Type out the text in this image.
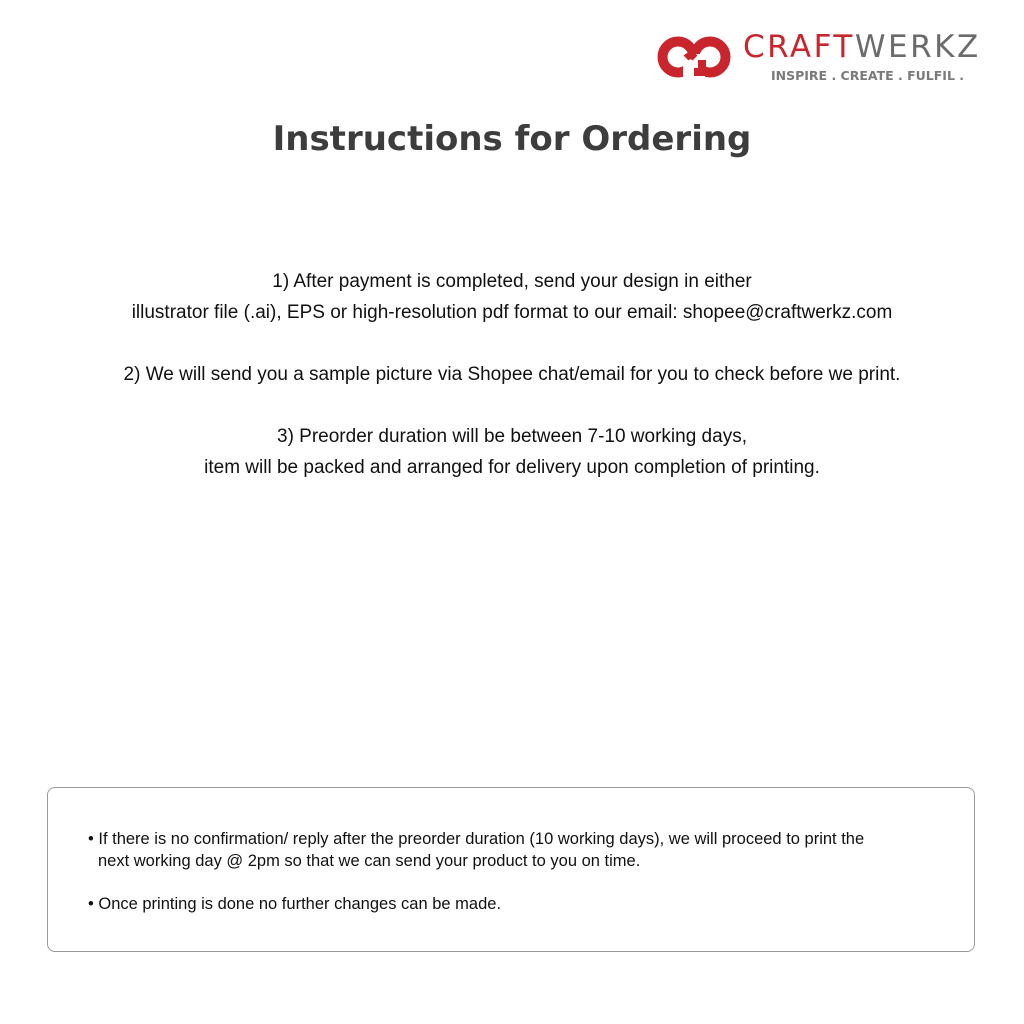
CRAFTWERKZ
INSPIRE . CREATE . FULFIL .
Instructions for Ordering

1) After payment is completed, send your design in either
illustrator file (.ai), EPS or high-resolution pdf format to our email: shopee@craftwerkz.com

2) We will send you a sample picture via Shopee chat/email for you to check before we print.

3) Preorder duration will be between 7-10 working days,
item will be packed and arranged for delivery upon completion of printing.

• If there is no confirmation/ reply after the preorder duration (10 working days), we will proceed to print the
next working day @ 2pm so that we can send your product to you on time.

• Once printing is done no further changes can be made.
